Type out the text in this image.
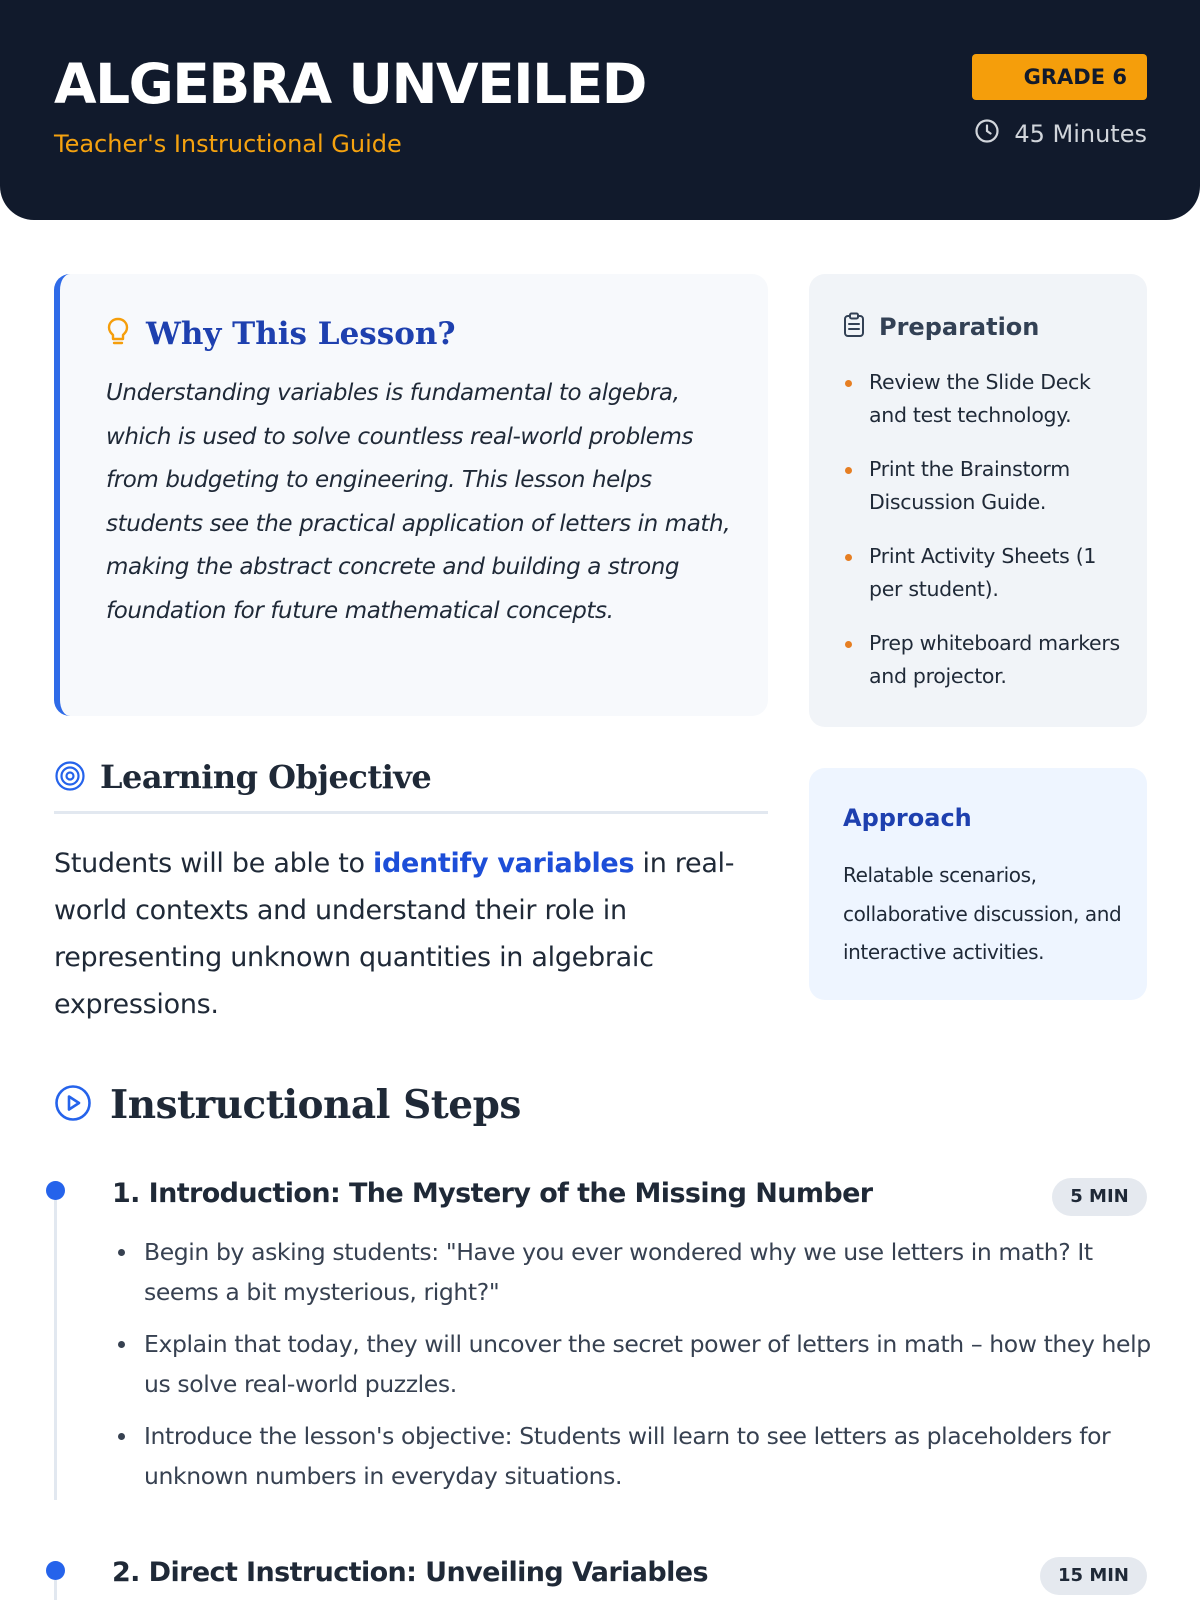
ALGEBRA UNVEILED
Teacher's Instructional Guide
GRADE 6
45 Minutes
Why This Lesson?

Understanding variables is fundamental to algebra, which is used to solve countless real-world problems from budgeting to engineering. This lesson helps students see the practical application of letters in math, making the abstract concrete and building a strong foundation for future mathematical concepts.

Preparation
Review the Slide Deck and test technology.
Print the Brainstorm Discussion Guide.
Print Activity Sheets (1 per student).
Prep whiteboard markers and projector.
Learning Objective

Students will be able to identify variables in real-world contexts and understand their role in representing unknown quantities in algebraic expressions.

Approach

Relatable scenarios, collaborative discussion, and interactive activities.

Instructional Steps
1. Introduction: The Mystery of the Missing Number	5 MIN
Begin by asking students: "Have you ever wondered why we use letters in math? It seems a bit mysterious, right?"
Explain that today, they will uncover the secret power of letters in math – how they help us solve real-world puzzles.
Introduce the lesson's objective: Students will learn to see letters as placeholders for unknown numbers in everyday situations.
2. Direct Instruction: Unveiling Variables	15 MIN
